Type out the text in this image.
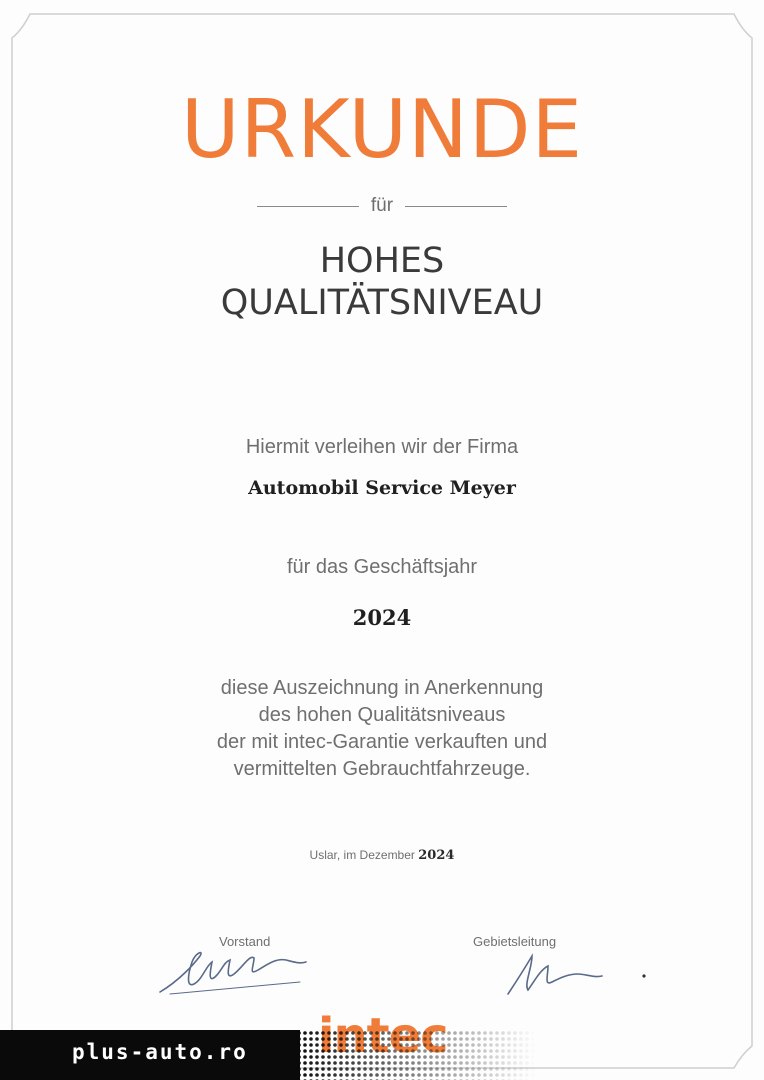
URKUNDE
für
HOHES
QUALITÄTSNIVEAU
Hiermit verleihen wir der Firma
Automobil Service Meyer
für das Geschäftsjahr
2024
diese Auszeichnung in Anerkennung
des hohen Qualitätsniveaus
der mit intec-Garantie verkauften und
vermittelten Gebrauchtfahrzeuge.
Uslar, im Dezember 2024
Vorstand	Gebietsleitung
plus-auto.ro
